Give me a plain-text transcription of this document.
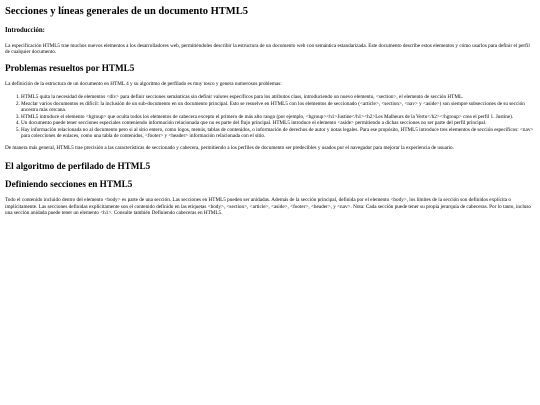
Secciones y líneas generales de un documento HTML5
Introducción:

La especificación HTML5 trae muchos nuevos elementos a los desarrolladores web, permitiéndoles describir la estructura de un documento web con semántica estandarizada. Este documento describe estos elementos y cómo usarlos para definir el perfil de cualquier documento.

Problemas resueltos por HTML5

La definición de la estructura de un documento en HTML 4 y su algoritmo de perfilado es muy tosco y genera numerosos problemas:

1. HTML5 quita la necesidad de elementos <div> para definir secciones semánticas sin definir valores específicos para los atributos class, introduciendo un nuevo elemento, <section>, el elemento de sección HTML.
2. Mezclar varios documentos es difícil: la inclusión de un sub-documento en un documento principal. Esto se resuelve en HTML5 con los elementos de seccionado (<article>, <section>, <nav> y <aside>) son siempre subsecciones de su sección ancestra más cercana.
3. HTML5 introduce el elemento <hgroup> que oculta todos los elementos de cabecera excepto el primero de más alto rango (por ejemplo, <hgroup><h1>Justine</h1><h2>Les Malheurs de la Vertu</h2></hgroup> crea el perfil 1. Justine).
4. Un documento puede tener secciones especiales conteniendo información relacionada que no es parte del flujo principal. HTML5 introduce el elemento <aside> permitiendo a dichas secciones no ser parte del perfil principal.
5. Hay información relacionada no al documento pero si al sitio entero, como logos, menús, tablas de contenidos, o información de derechos de autor y notas legales. Para ese propósito, HTML5 introduce tres elementos de sección específicos: <nav> para colecciones de enlaces, como una tabla de contenidos, <footer> y <header> información relacionada con el sitio.

De manera más general, HTML5 trae precisión a las características de seccionado y cabecera, permitiendo a los perfiles de documento ser predecibles y usados por el navegador para mejorar la experiencia de usuario.

El algoritmo de perfilado de HTML5
Definiendo secciones en HTML5

Todo el contenido incluido dentro del elemento <body> es parte de una sección. Las secciones en HTML5 pueden ser anidadas. Además de la sección principal, definida por el elemento <body>, los límites de la sección son definidos explícita o implícitamente. Las secciones definidas explícitamente son el contenido definido en las etiquetas <body>, <section>, <article>, <aside>, <footer>, <header>, y <nav>. Nota: Cada sección puede tener su propia jerarquía de cabeceras. Por lo tanto, incluso una sección anidada puede tener un elemento <h1>. Consulte también Definiendo cabeceras en HTML5.
